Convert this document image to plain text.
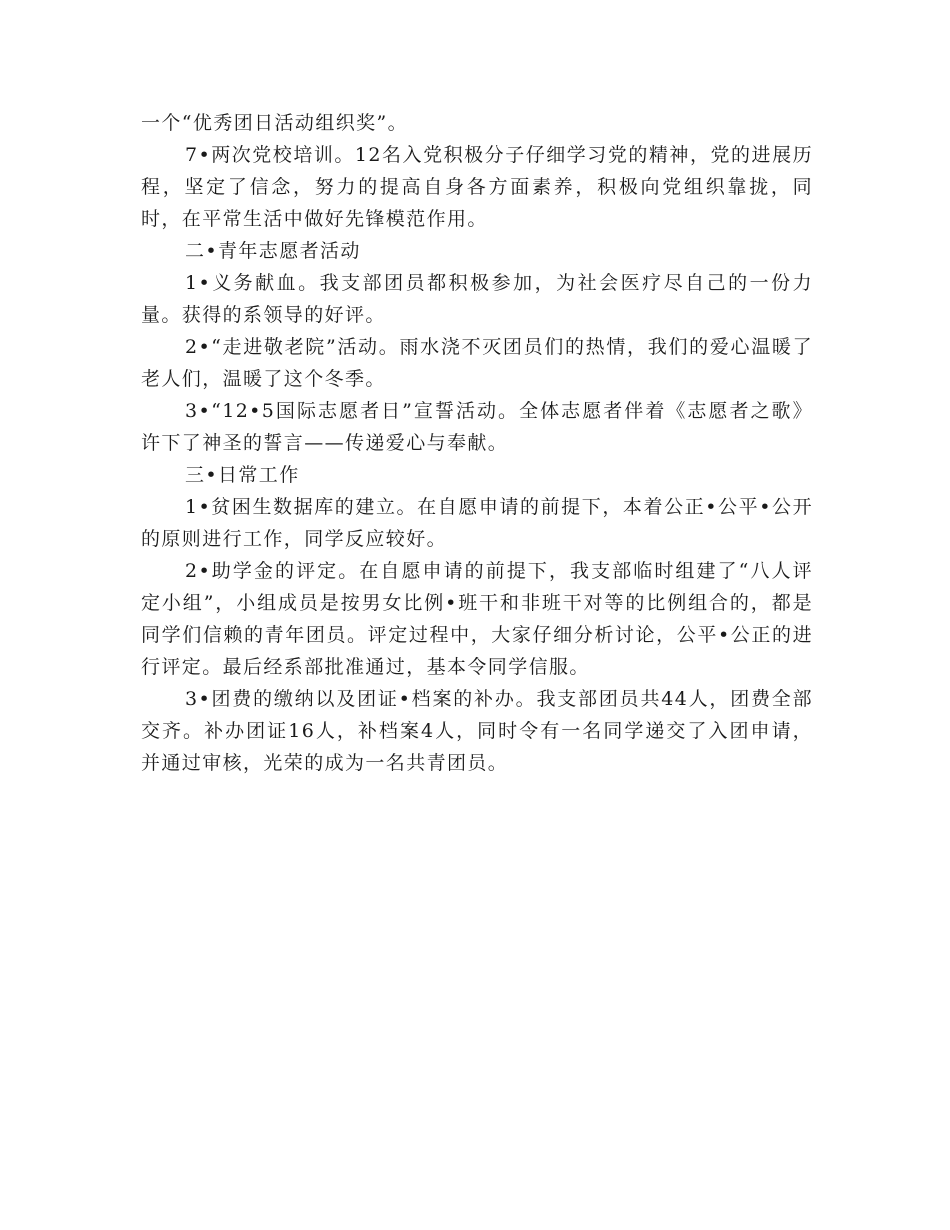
一个“优秀团日活动组织奖”。

7•两次党校培训。12名入党积极分子仔细学习党的精神，党的进展历程，坚定了信念，努力的提高自身各方面素养，积极向党组织靠拢，同时，在平常生活中做好先锋模范作用。

二•青年志愿者活动

1•义务献血。我支部团员都积极参加，为社会医疗尽自己的一份力量。获得的系领导的好评。

2•“走进敬老院”活动。雨水浇不灭团员们的热情，我们的爱心温暖了老人们，温暖了这个冬季。

3•“12•5国际志愿者日”宣誓活动。全体志愿者伴着《志愿者之歌》许下了神圣的誓言——传递爱心与奉献。

三•日常工作

1•贫困生数据库的建立。在自愿申请的前提下，本着公正•公平•公开的原则进行工作，同学反应较好。

2•助学金的评定。在自愿申请的前提下，我支部临时组建了“八人评定小组”，小组成员是按男女比例•班干和非班干对等的比例组合的，都是同学们信赖的青年团员。评定过程中，大家仔细分析讨论，公平•公正的进行评定。最后经系部批准通过，基本令同学信服。

3•团费的缴纳以及团证•档案的补办。我支部团员共44人，团费全部交齐。补办团证16人，补档案4人，同时令有一名同学递交了入团申请，并通过审核，光荣的成为一名共青团员。
